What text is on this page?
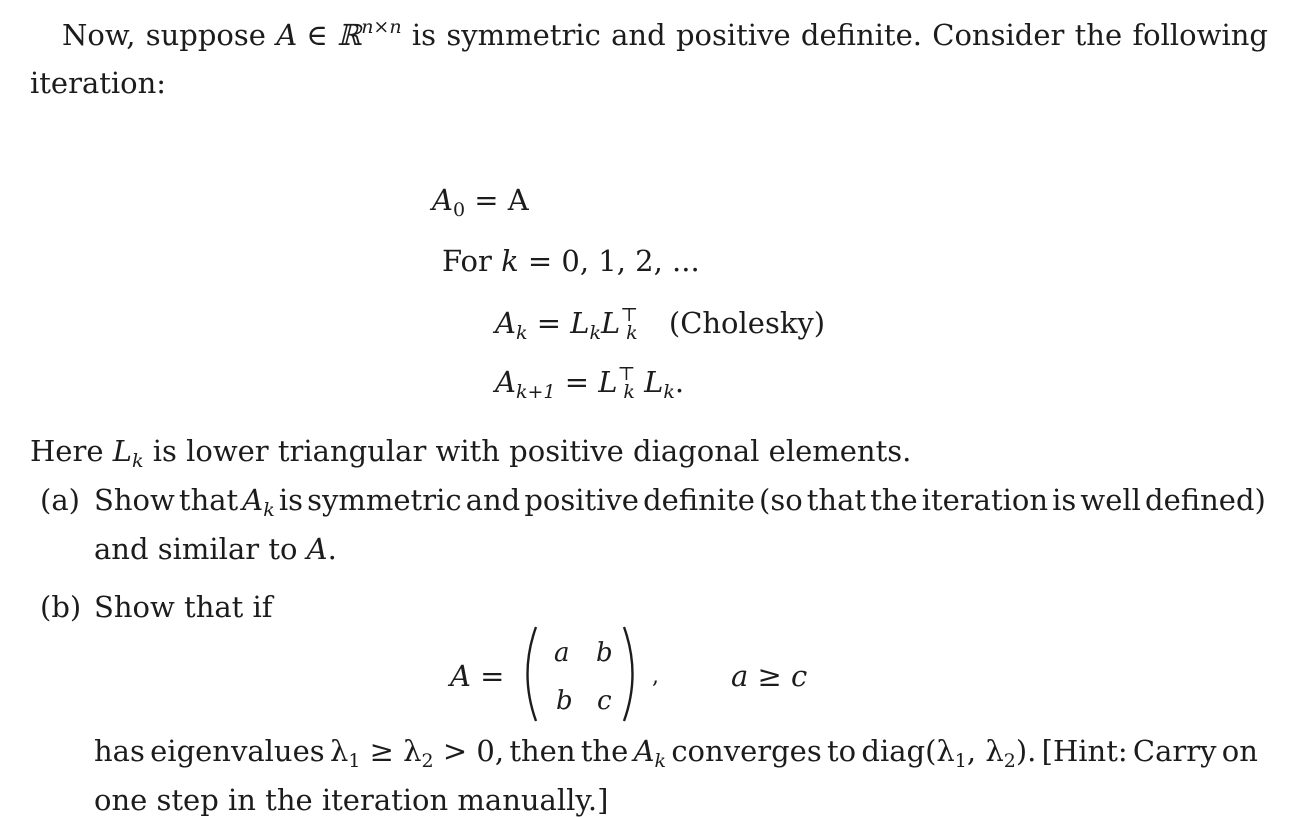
Now, suppose A ∈ ℝ$^{n\times n}$ is symmetric and positive definite. Consider the following
iteration:
$A_0 = A$
For k = 0, 1, 2, ...
$A_k = L_kL^⊤_k$ (Cholesky)
$A_{k+1} = L^⊤_k$ $L_k$.
Here $L_k$ is lower triangular with positive diagonal elements.
(a) Show that $A_k$ is symmetric and positive definite (so that the iteration is well defined)
and similar to A.
(b) Show that if
A =
a b
b c
, a ≥ c
has eigenvalues $\lambda_1 \ge \lambda_2 > 0$, then the $A_k$ converges to $diag(\lambda_1$, $\lambda_2$). [Hint: Carry on
one step in the iteration manually.]
